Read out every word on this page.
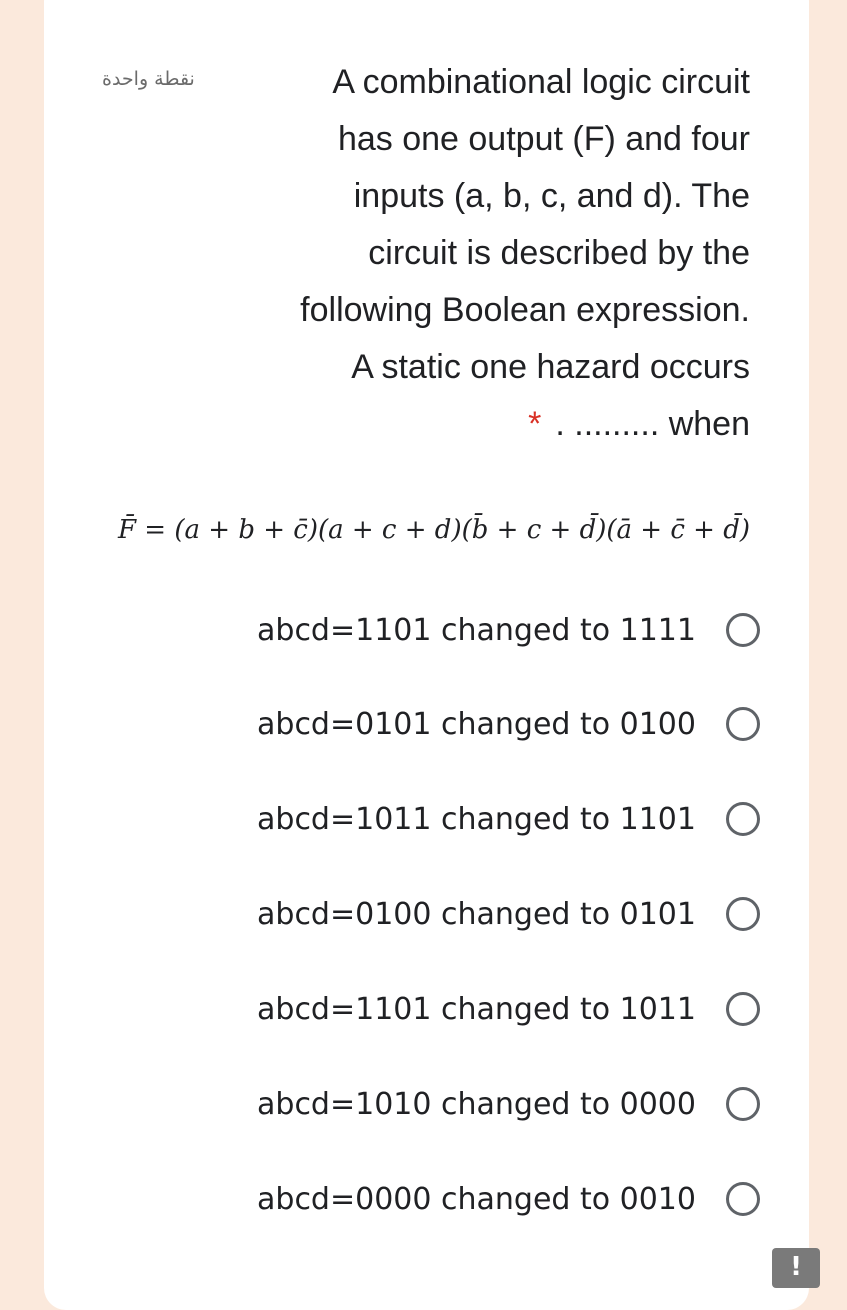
نقطة واحدة	A combinational logic circuit
has one output (F) and four
inputs (a, b, c, and d). The
circuit is described by the
following Boolean expression.
A static one hazard occurs
* . ......... when
F̄ = (a + b + c̄)(a + c + d)(b̄ + c + d̄)(ā + c̄ + d̄)
abcd=1101 changed to 1111
abcd=0101 changed to 0100
abcd=1011 changed to 1101
abcd=0100 changed to 0101
abcd=1101 changed to 1011
abcd=1010 changed to 0000
abcd=0000 changed to 0010
!
